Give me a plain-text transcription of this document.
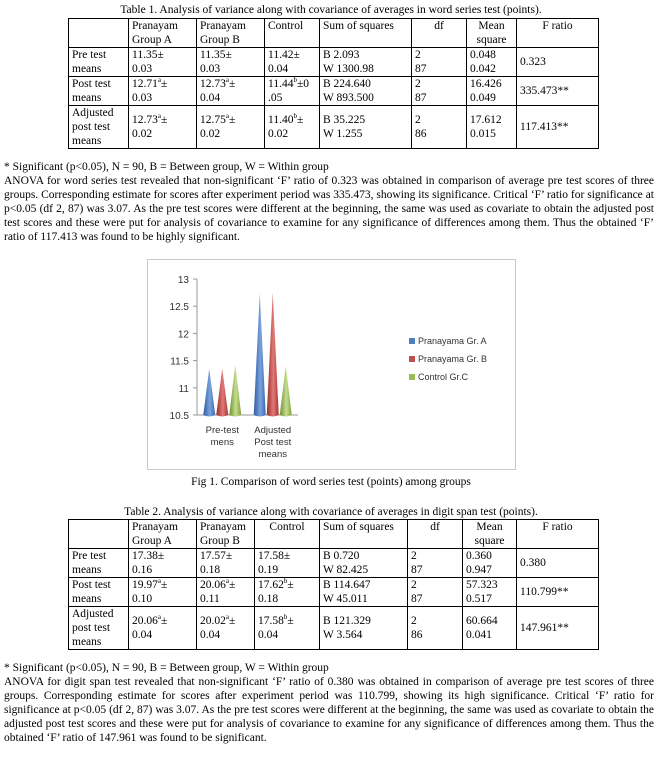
Table 1. Analysis of variance along with covariance of averages in word series test (points).
	Pranayam
Group A	Pranayam
Group B	Control	Sum of squares	df	Mean
square	F ratio
Pre test
means	11.35±
0.03	11.35±
0.03	11.42±
0.04	B 2.093
W 1300.98	2
87	0.048
0.042	0.323
Post test
means	12.71$^a$±
0.03	12.73$^a$±
0.04	11.44$^b$±0
.05	B 224.640
W 893.500	2
87	16.426
0.049	335.473**
Adjusted
post test
means	12.73$^a$±
0.02	12.75$^a$±
0.02	11.40$^b$±
0.02	B 35.225
W 1.255	2
86	17.612
0.015	117.413**
* Significant (p<0.05), N = 90, B = Between group, W = Within group
ANOVA for word series test revealed that non-significant ‘F’ ratio of 0.323 was obtained in comparison of average pre test scores of three groups. Corresponding estimate for scores after experiment period was 335.473, showing its significance. Critical ‘F’ ratio for significance at p<0.05 (df 2, 87) was 3.07. As the pre test scores were different at the beginning, the same was used as covariate to obtain the adjusted post test scores and these were put for analysis of covariance to examine for any significance of differences among them. Thus the obtained ‘F’ ratio of 117.413 was found to be highly significant.
10.5
11
11.5
12
12.5
13
Pre-test
mens
Adjusted
Post test
means
Pranayama Gr. A
Pranayama Gr. B
Control Gr.C
Fig 1. Comparison of word series test (points) among groups
Table 2. Analysis of variance along with covariance of averages in digit span test (points).
	Pranayam
Group A	Pranayam
Group B	Control	Sum of squares	df	Mean
square	F ratio
Pre test
means	17.38±
0.16	17.57±
0.18	17.58±
0.19	B 0.720
W 82.425	2
87	0.360
0.947	0.380
Post test
means	19.97$^a$±
0.10	20.06$^a$±
0.11	17.62$^b$±
0.18	B 114.647
W 45.011	2
87	57.323
0.517	110.799**
Adjusted
post test
means	20.06$^a$±
0.04	20.02$^a$±
0.04	17.58$^b$±
0.04	B 121.329
W 3.564	2
86	60.664
0.041	147.961**
* Significant (p<0.05), N = 90, B = Between group, W = Within group
ANOVA for digit span test revealed that non-significant ‘F’ ratio of 0.380 was obtained in comparison of average pre test scores of three groups. Corresponding estimate for scores after experiment period was 110.799, showing its high significance. Critical ‘F’ ratio for significance at p<0.05 (df 2, 87) was 3.07. As the pre test scores were different at the beginning, the same was used as covariate to obtain the adjusted post test scores and these were put for analysis of covariance to examine for any significance of differences among them. Thus the obtained ‘F’ ratio of 147.961 was found to be significant.
